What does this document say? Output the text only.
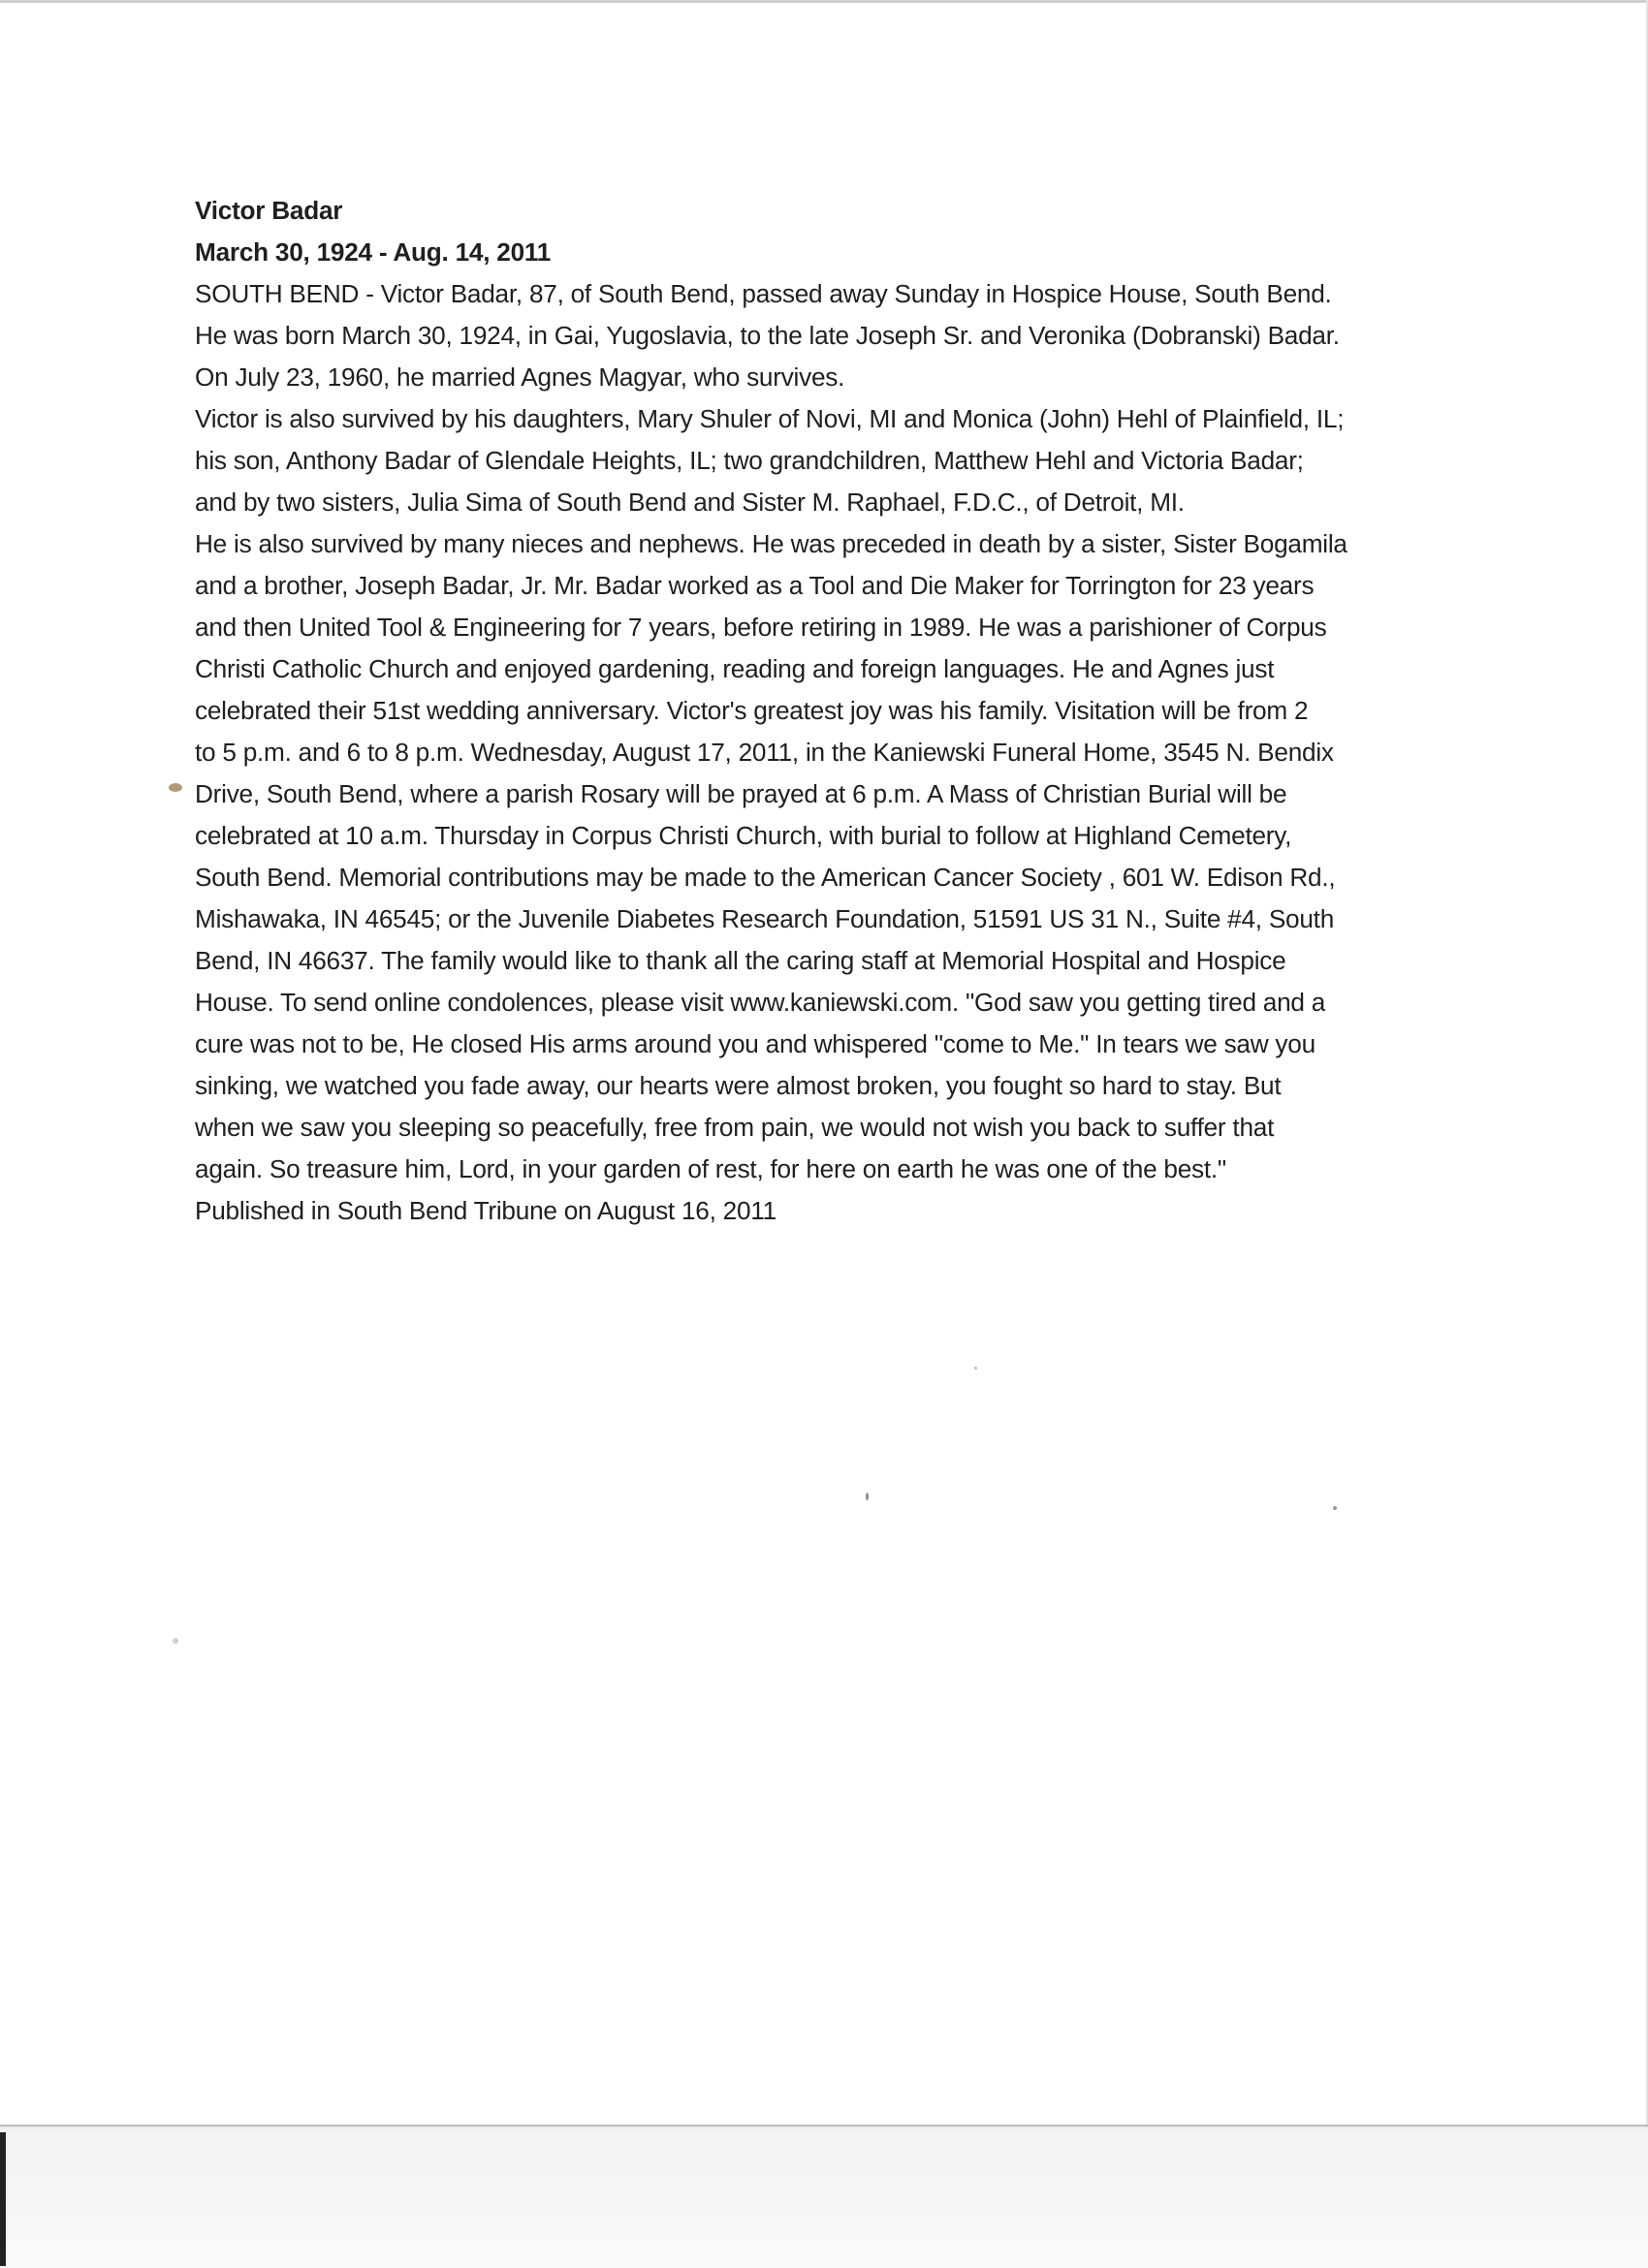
Victor Badar
March 30, 1924 - Aug. 14, 2011

SOUTH BEND - Victor Badar, 87, of South Bend, passed away Sunday in Hospice House, South Bend.
He was born March 30, 1924, in Gai, Yugoslavia, to the late Joseph Sr. and Veronika (Dobranski) Badar.
On July 23, 1960, he married Agnes Magyar, who survives.

Victor is also survived by his daughters, Mary Shuler of Novi, MI and Monica (John) Hehl of Plainfield, IL;
his son, Anthony Badar of Glendale Heights, IL; two grandchildren, Matthew Hehl and Victoria Badar;
and by two sisters, Julia Sima of South Bend and Sister M. Raphael, F.D.C., of Detroit, MI.

He is also survived by many nieces and nephews. He was preceded in death by a sister, Sister Bogamila
and a brother, Joseph Badar, Jr. Mr. Badar worked as a Tool and Die Maker for Torrington for 23 years
and then United Tool & Engineering for 7 years, before retiring in 1989. He was a parishioner of Corpus
Christi Catholic Church and enjoyed gardening, reading and foreign languages. He and Agnes just
celebrated their 51st wedding anniversary. Victor's greatest joy was his family. Visitation will be from 2
to 5 p.m. and 6 to 8 p.m. Wednesday, August 17, 2011, in the Kaniewski Funeral Home, 3545 N. Bendix
Drive, South Bend, where a parish Rosary will be prayed at 6 p.m. A Mass of Christian Burial will be
celebrated at 10 a.m. Thursday in Corpus Christi Church, with burial to follow at Highland Cemetery,
South Bend. Memorial contributions may be made to the American Cancer Society , 601 W. Edison Rd.,
Mishawaka, IN 46545; or the Juvenile Diabetes Research Foundation, 51591 US 31 N., Suite #4, South
Bend, IN 46637. The family would like to thank all the caring staff at Memorial Hospital and Hospice
House. To send online condolences, please visit www.kaniewski.com. "God saw you getting tired and a
cure was not to be, He closed His arms around you and whispered "come to Me." In tears we saw you
sinking, we watched you fade away, our hearts were almost broken, you fought so hard to stay. But
when we saw you sleeping so peacefully, free from pain, we would not wish you back to suffer that
again. So treasure him, Lord, in your garden of rest, for here on earth he was one of the best."

Published in South Bend Tribune on August 16, 2011
